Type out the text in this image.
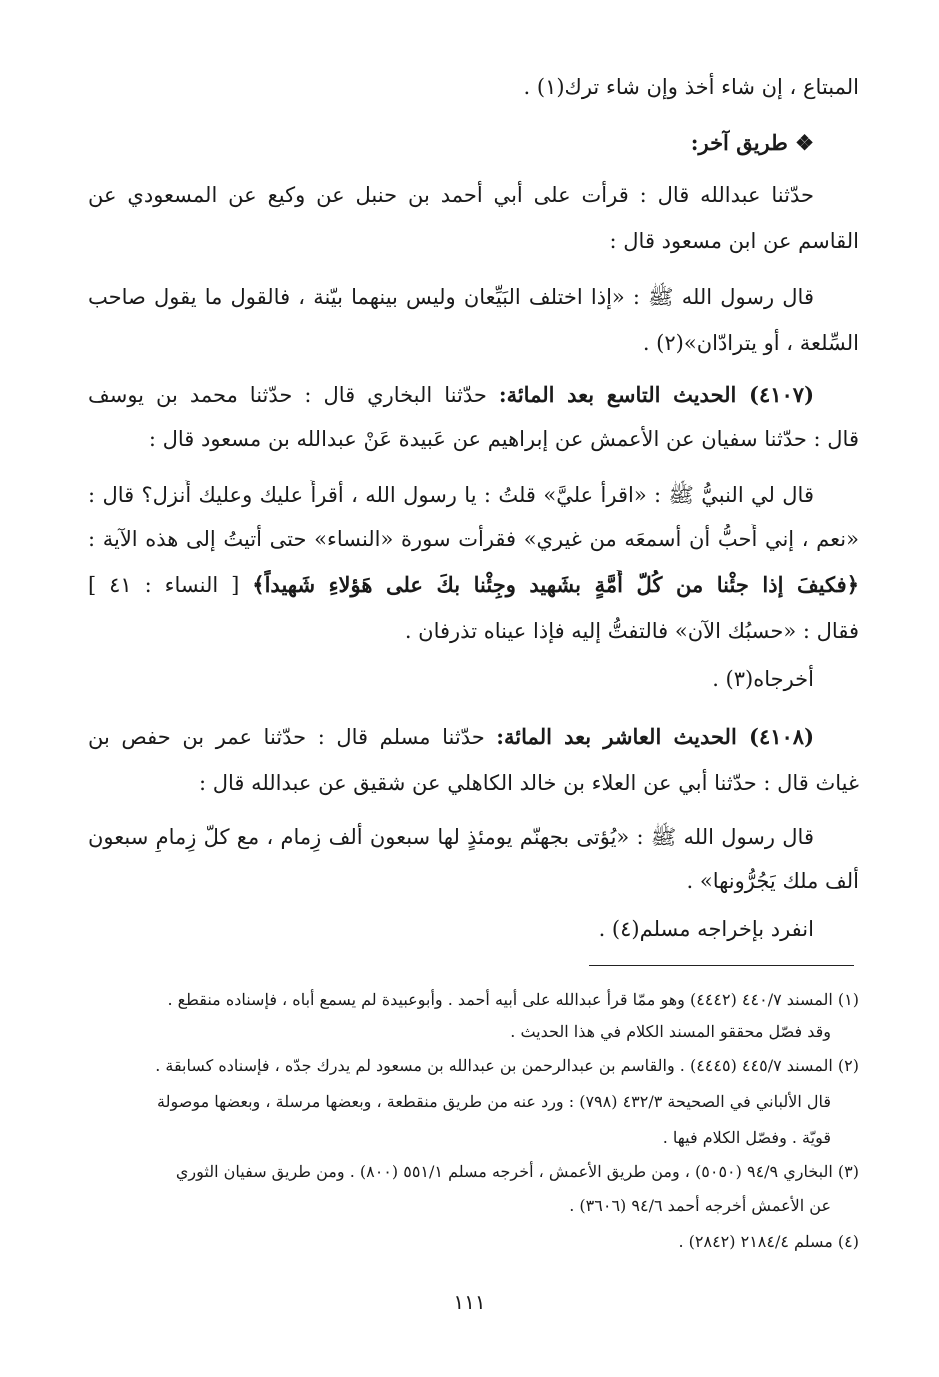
المبتاع ، إن شاء أخذ وإن شاء ترك(١) .
❖ طريق آخر:
حدّثنا عبدالله قال : قرأت على أبي أحمد بن حنبل عن وكيع عن المسعودي عن
القاسم عن ابن مسعود قال :
قال رسول الله ﷺ : «إذا اختلف البَيِّعان وليس بينهما بيّنة ، فالقول ما يقول صاحب
السِّلعة ، أو يترادّان»(٢) .
(٤١٠٧) الحديث التاسع بعد المائة: حدّثنا البخاري قال : حدّثنا محمد بن يوسف
قال : حدّثنا سفيان عن الأعمش عن إبراهيم عن عَبيدة عَنْ عبدالله بن مسعود قال :
قال لي النبيُّ ﷺ : «اقرأ عليَّ» قلتُ : يا رسول الله ، أقرأُ عليك وعليك أُنزل؟ قال :
«نعم ، إني أُحبُّ أن أسمعَه من غيري» فقرأت سورة «النساء» حتى أتيتُ إلى هذه الآية :
﴿فكيفَ إذا جئْنا من كُلّ أُمَّةٍ بشَهيد وجِئْنا بكَ على هَؤلاءِ شَهيداً﴾ [ النساء : ٤١ ]
فقال : «حسبُك الآن» فالتفتُّ إليه فإذا عيناه تذرفان .
أخرجاه(٣) .
(٤١٠٨) الحديث العاشر بعد المائة: حدّثنا مسلم قال : حدّثنا عمر بن حفص بن
غياث قال : حدّثنا أبي عن العلاء بن خالد الكاهلي عن شقيق عن عبدالله قال :
قال رسول الله ﷺ : «يُؤتى بجهنّم يومئذٍ لها سبعون ألف زِمام ، مع كلّ زِمامٍ سبعون
ألف ملك يَجُرُّونها» .
انفرد بإخراجه مسلم(٤) .
(١) المسند ٤٤٠/٧ (٤٤٤٢) وهو ممّا قرأ عبدالله على أبيه أحمد . وأبوعبيدة لم يسمع أباه ، فإسناده منقطع .
وقد فصّل محققو المسند الكلام في هذا الحديث .
(٢) المسند ٤٤٥/٧ (٤٤٤٥) . والقاسم بن عبدالرحمن بن عبدالله بن مسعود لم يدرك جدّه ، فإسناده كسابقة .
قال الألباني في الصحيحة ٤٣٢/٣ (٧٩٨) : ورد عنه من طريق منقطعة ، وبعضها مرسلة ، وبعضها موصولة
قويّة . وفصّل الكلام فيها .
(٣) البخاري ٩٤/٩ (٥٠٥٠) ، ومن طريق الأعمش ، أخرجه مسلم ٥٥١/١ (٨٠٠) . ومن طريق سفيان الثوري
عن الأعمش أخرجه أحمد ٩٤/٦ (٣٦٠٦) .
(٤) مسلم ٢١٨٤/٤ (٢٨٤٢) .
١١١
